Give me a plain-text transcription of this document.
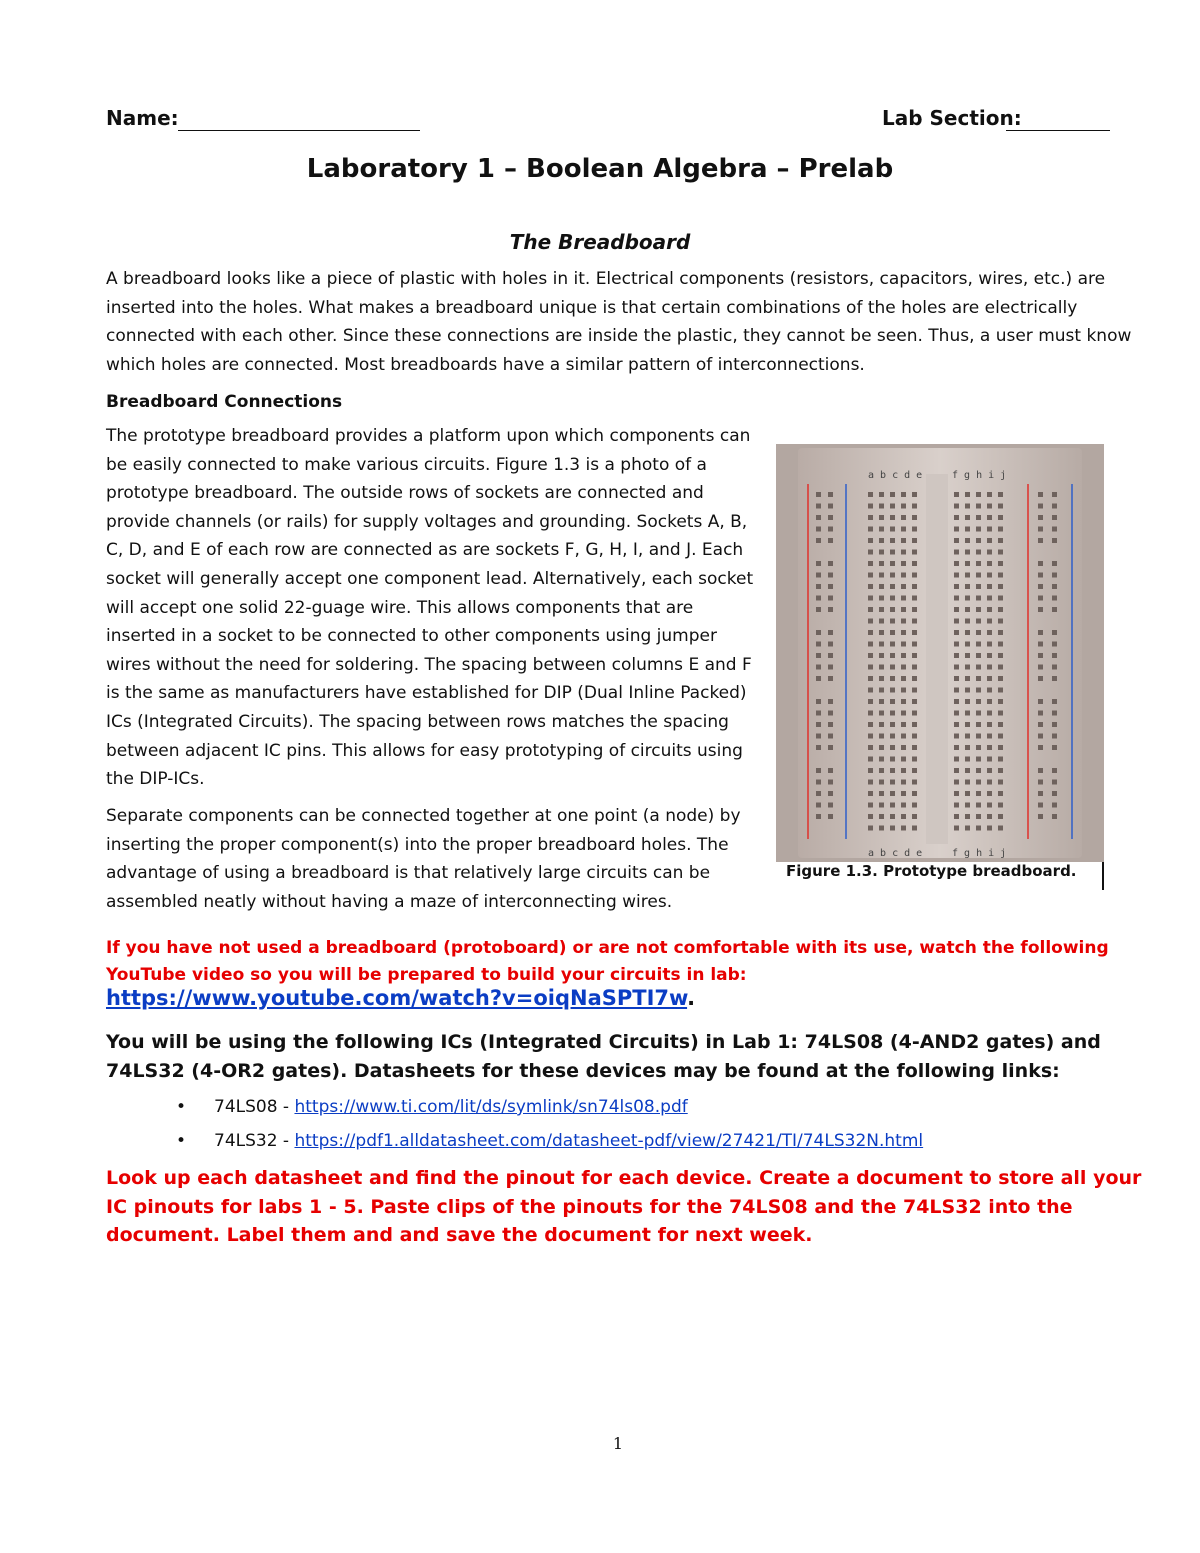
Name:	Lab Section:
Laboratory 1 – Boolean Algebra – Prelab
The Breadboard
A breadboard looks like a piece of plastic with holes in it. Electrical components (resistors, capacitors, wires, etc.) are inserted into the holes. What makes a breadboard unique is that certain combinations of the holes are electrically connected with each other. Since these connections are inside the plastic, they cannot be seen. Thus, a user must know which holes are connected. Most breadboards have a similar pattern of interconnections.
Breadboard Connections
The prototype breadboard provides a platform upon which components can be easily connected to make various circuits. Figure 1.3 is a photo of a prototype breadboard. The outside rows of sockets are connected and provide channels (or rails) for supply voltages and grounding. Sockets A, B, C, D, and E of each row are connected as are sockets F, G, H, I, and J. Each socket will generally accept one component lead. Alternatively, each socket will accept one solid 22-guage wire. This allows components that are inserted in a socket to be connected to other components using jumper wires without the need for soldering. The spacing between columns E and F is the same as manufacturers have established for DIP (Dual Inline Packed) ICs (Integrated Circuits). The spacing between rows matches the spacing between adjacent IC pins. This allows for easy prototyping of circuits using the DIP-ICs.
Separate components can be connected together at one point (a node) by inserting the proper component(s) into the proper breadboard holes. The advantage of using a breadboard is that relatively large circuits can be assembled neatly without having a maze of interconnecting wires.
a b c d e	f g h i j
a b c d e	f g h i j
Figure 1.3. Prototype breadboard.
If you have not used a breadboard (protoboard) or are not comfortable with its use, watch the following YouTube video so you will be prepared to build your circuits in lab:
https://www.youtube.com/watch?v=oiqNaSPTI7w.
You will be using the following ICs (Integrated Circuits) in Lab 1: 74LS08 (4-AND2 gates) and 74LS32 (4-OR2 gates). Datasheets for these devices may be found at the following links:
• 74LS08 - https://www.ti.com/lit/ds/symlink/sn74ls08.pdf
• 74LS32 - https://pdf1.alldatasheet.com/datasheet-pdf/view/27421/TI/74LS32N.html
Look up each datasheet and find the pinout for each device. Create a document to store all your IC pinouts for labs 1 - 5. Paste clips of the pinouts for the 74LS08 and the 74LS32 into the document. Label them and and save the document for next week.
1
